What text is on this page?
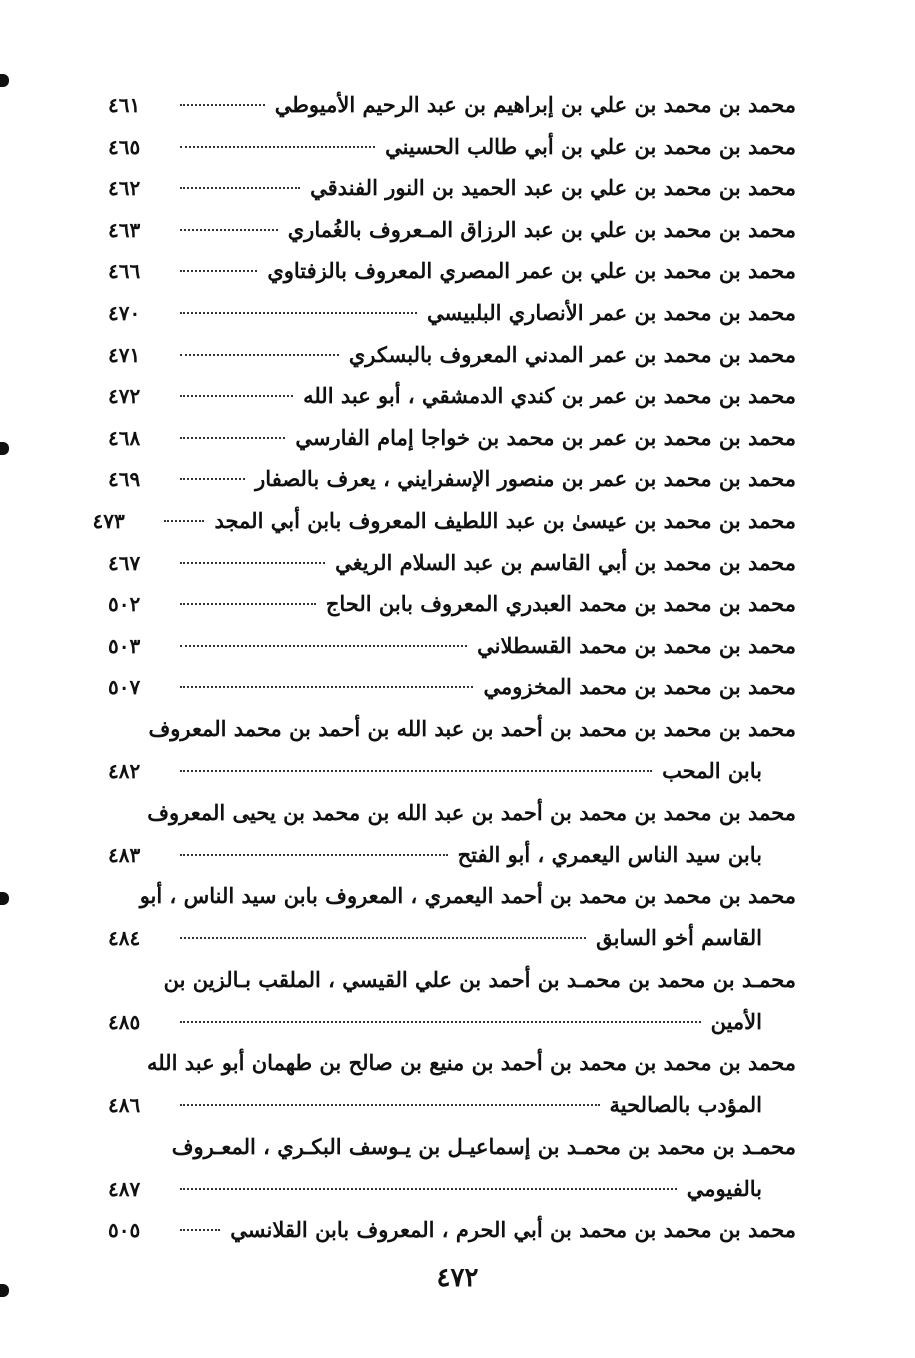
محمد بن محمد بن علي بن إبراهيم بن عبد الرحيم الأميوطي
٤٦١
محمد بن محمد بن علي بن أبي طالب الحسيني
٤٦٥
محمد بن محمد بن علي بن عبد الحميد بن النور الفندقي
٤٦٢
محمد بن محمد بن علي بن عبد الرزاق المـعروف بالغُماري
٤٦٣
محمد بن محمد بن علي بن عمر المصري المعروف بالزفتاوي
٤٦٦
محمد بن محمد بن عمر الأنصاري البلبيسي
٤٧٠
محمد بن محمد بن عمر المدني المعروف بالبسكري
٤٧١
محمد بن محمد بن عمر بن كندي الدمشقي ، أبو عبد الله
٤٧٢
محمد بن محمد بن عمر بن محمد بن خواجا إمام الفارسي
٤٦٨
محمد بن محمد بن عمر بن منصور الإسفرايني ، يعرف بالصفار
٤٦٩
محمد بن محمد بن عيسىٰ بن عبد اللطيف المعروف بابن أبي المجد
٤٧٣
محمد بن محمد بن أبي القاسم بن عبد السلام الريغي
٤٦٧
محمد بن محمد بن محمد العبدري المعروف بابن الحاج
٥٠٢
محمد بن محمد بن محمد القسطلاني
٥٠٣
محمد بن محمد بن محمد المخزومي
٥٠٧
محمد بن محمد بن محمد بن أحمد بن عبد الله بن أحمد بن محمد المعروف
بابن المحب
٤٨٢
محمد بن محمد بن محمد بن أحمد بن عبد الله بن محمد بن يحيى المعروف
بابن سيد الناس اليعمري ، أبو الفتح
٤٨٣
محمد بن محمد بن محمد بن أحمد اليعمري ، المعروف بابن سيد الناس ، أبو
القاسم أخو السابق
٤٨٤
محمـد بن محمد بن محمـد بن أحمد بن علي القيسي ، الملقب بـالزين بن
الأمين
٤٨٥
محمد بن محمد بن محمد بن أحمد بن منيع بن صالح بن طهمان أبو عبد الله
المؤدب بالصالحية
٤٨٦
محمـد بن محمد بن محمـد بن إسماعيـل بن يـوسف البكـري ، المعـروف
بالفيومي
٤٨٧
محمد بن محمد بن محمد بن أبي الحرم ، المعروف بابن القلانسي
٥٠٥
٤٧٢
